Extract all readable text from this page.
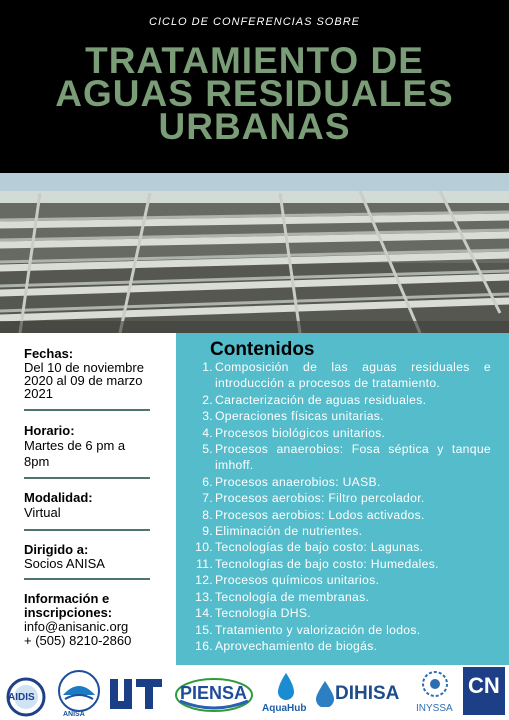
CICLO DE CONFERENCIAS SOBRE
TRATAMIENTO DE
AGUAS RESIDUALES
URBANAS
Fechas:
Del 10 de noviembre
2020 al 09 de marzo
2021
Horario:
Martes de 6 pm a
8pm
Modalidad:
Virtual
Dirigido a:
Socios ANISA
Información e
inscripciones:
info@anisanic.org
+ (505) 8210-2860
Contenidos
1. Composición de las aguas residuales e introducción a procesos de tratamiento.
2. Caracterización de aguas residuales.
3. Operaciones físicas unitarias.
4. Procesos biológicos unitarios.
5. Procesos anaerobios: Fosa séptica y tanque imhoff.
6. Procesos anaerobios: UASB.
7. Procesos aerobios: Filtro percolador.
8. Procesos aerobios: Lodos activados.
9. Eliminación de nutrientes.
10. Tecnologías de bajo costo: Lagunas.
11. Tecnologías de bajo costo: Humedales.
12. Procesos químicos unitarios.
13. Tecnología de membranas.
14. Tecnología DHS.
15. Tratamiento y valorización de lodos.
16. Aprovechamiento de biogás.
AIDIS
ANISA
PIENSA
AquaHub
DIHISA
INYSSA
CN
